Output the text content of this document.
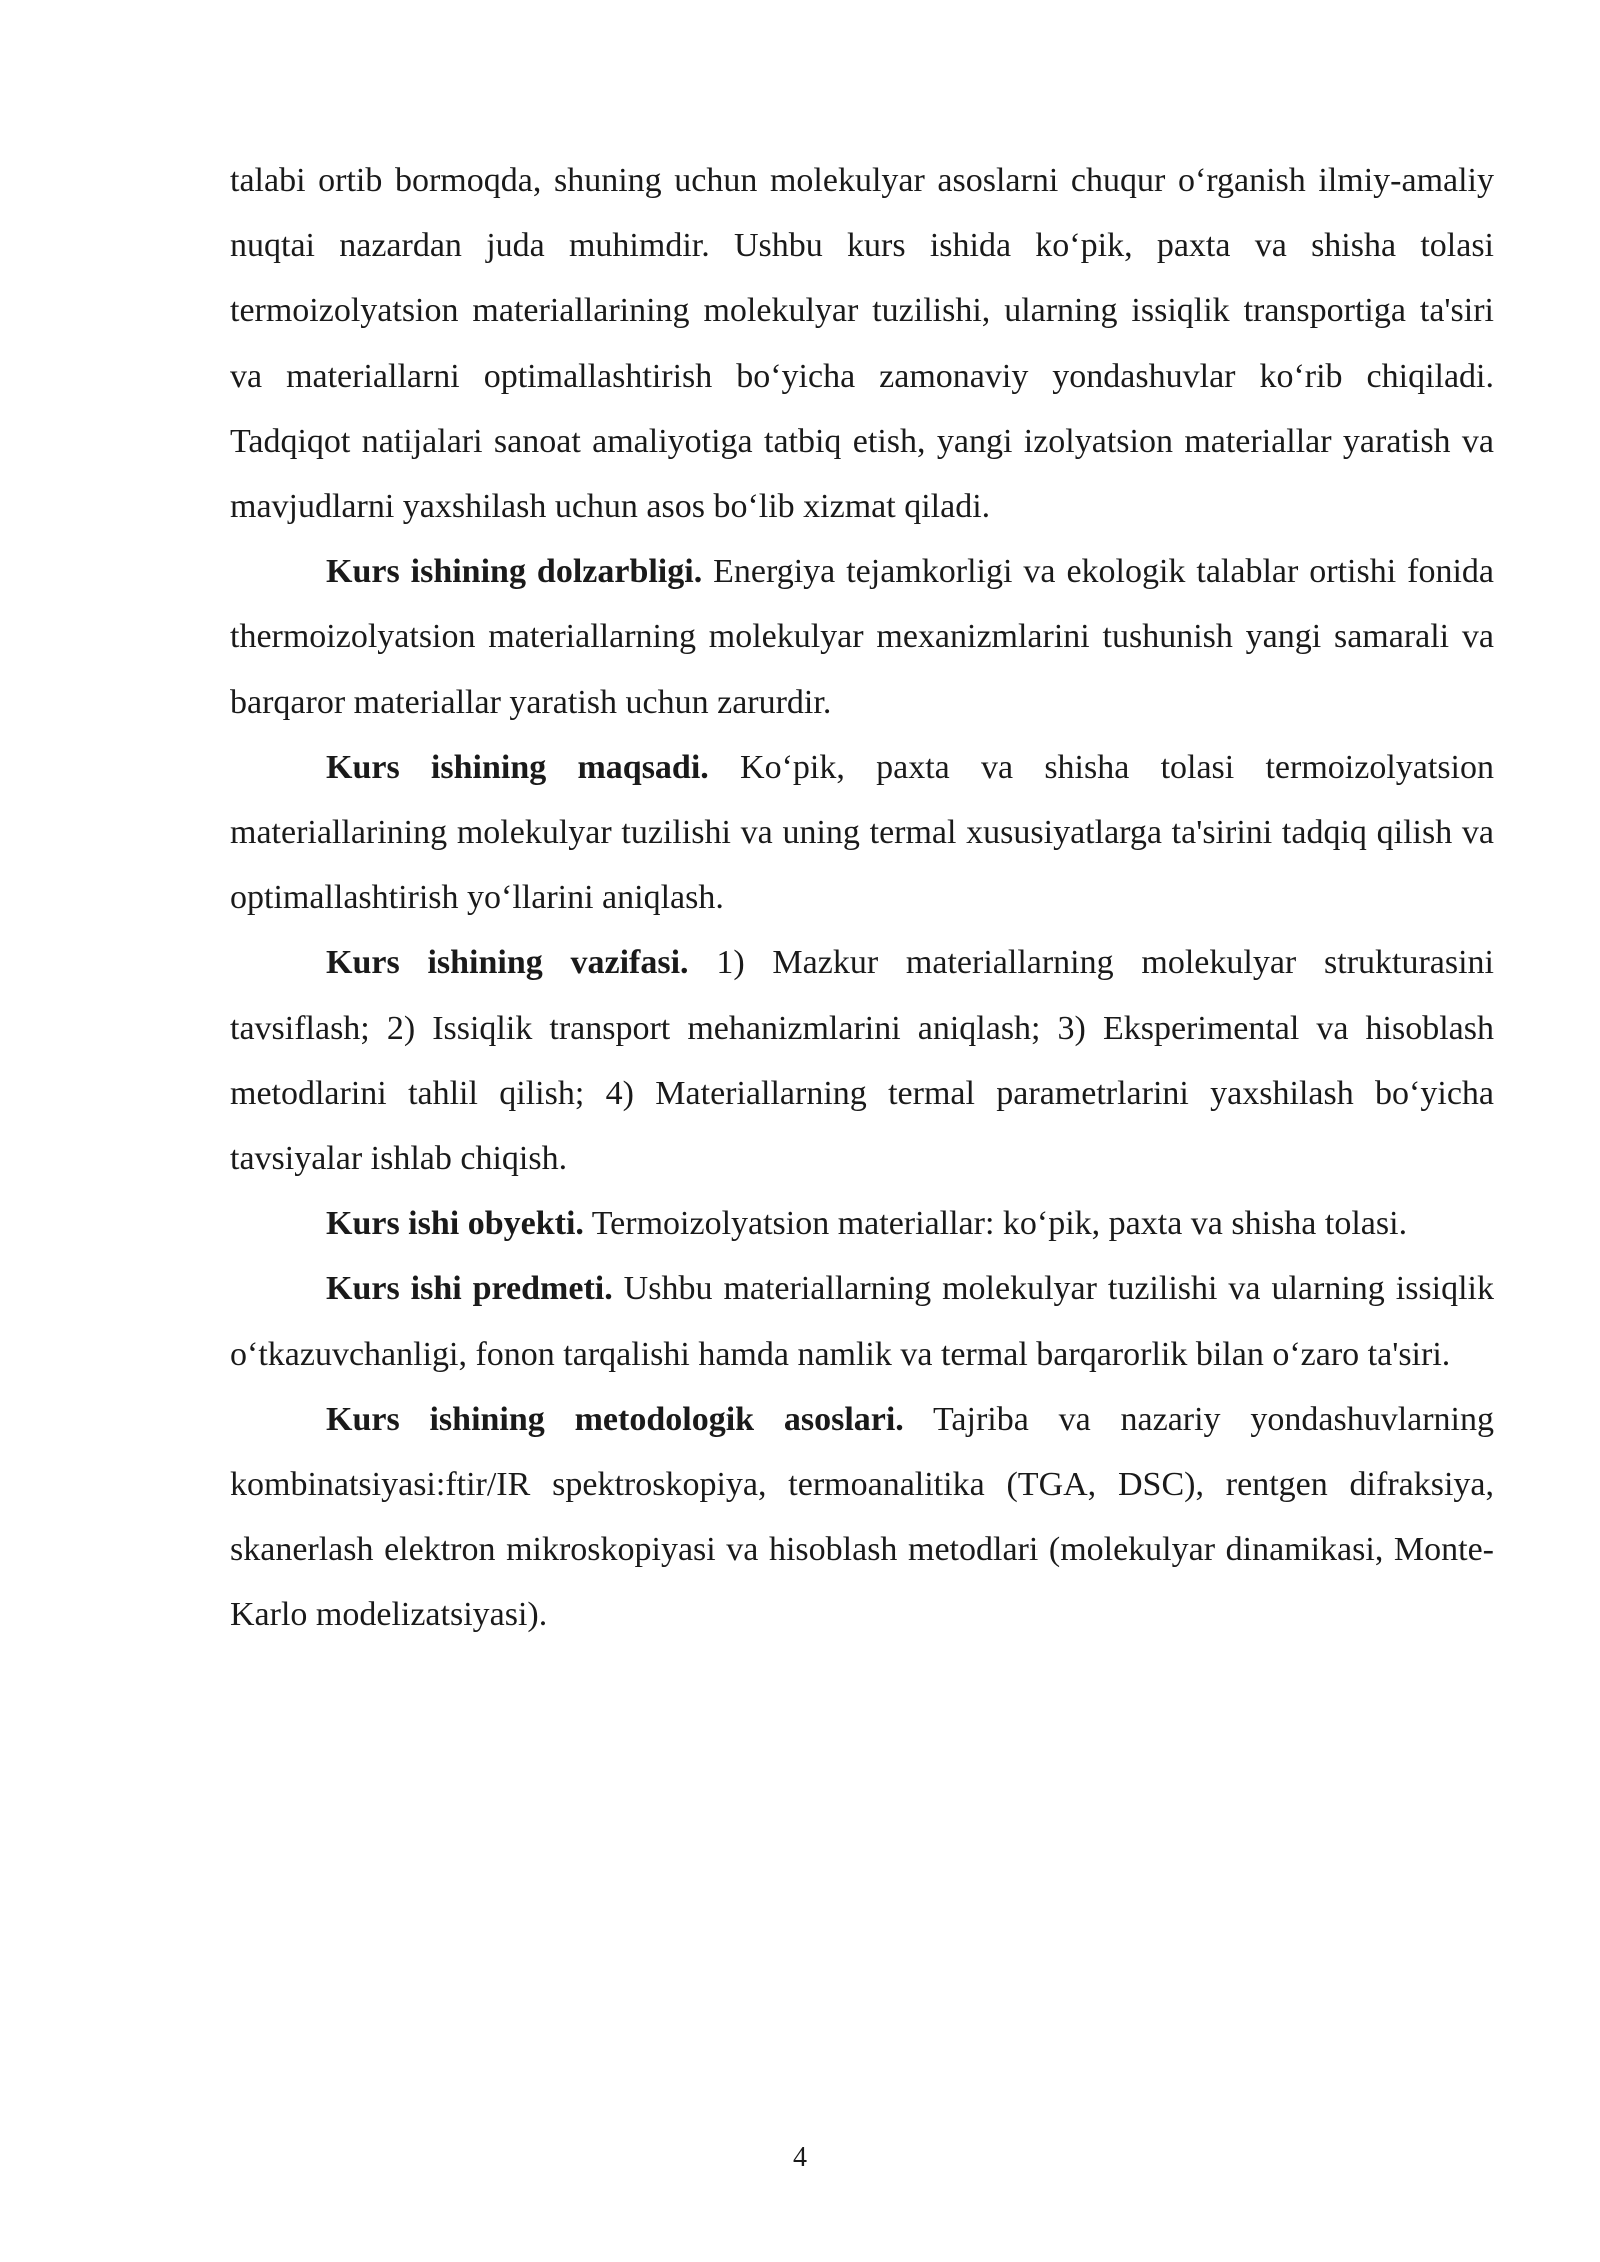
talabi ortib bormoqda, shuning uchun molekulyar asoslarni chuqur o‘rganish ilmiy-amaliy nuqtai nazardan juda muhimdir. Ushbu kurs ishida ko‘pik, paxta va shisha tolasi termoizolyatsion materiallarining molekulyar tuzilishi, ularning issiqlik transportiga ta'siri va materiallarni optimallashtirish bo‘yicha zamonaviy yondashuvlar ko‘rib chiqiladi. Tadqiqot natijalari sanoat amaliyotiga tatbiq etish, yangi izolyatsion materiallar yaratish va mavjudlarni yaxshilash uchun asos bo‘lib xizmat qiladi.

Kurs ishining dolzarbligi. Energiya tejamkorligi va ekologik talablar ortishi fonida thermoizolyatsion materiallarning molekulyar mexanizmlarini tushunish yangi samarali va barqaror materiallar yaratish uchun zarurdir.

Kurs ishining maqsadi. Ko‘pik, paxta va shisha tolasi termoizolyatsion materiallarining molekulyar tuzilishi va uning termal xususiyatlarga ta'sirini tadqiq qilish va optimallashtirish yo‘llarini aniqlash.

Kurs ishining vazifasi. 1) Mazkur materiallarning molekulyar strukturasini tavsiflash; 2) Issiqlik transport mehanizmlarini aniqlash; 3) Eksperimental va hisoblash metodlarini tahlil qilish; 4) Materiallarning termal parametrlarini yaxshilash bo‘yicha tavsiyalar ishlab chiqish.

Kurs ishi obyekti. Termoizolyatsion materiallar: ko‘pik, paxta va shisha tolasi.

Kurs ishi predmeti. Ushbu materiallarning molekulyar tuzilishi va ularning issiqlik o‘tkazuvchanligi, fonon tarqalishi hamda namlik va termal barqarorlik bilan o‘zaro ta'siri.

Kurs ishining metodologik asoslari. Tajriba va nazariy yondashuvlarning kombinatsiyasi:ftir/IR spektroskopiya, termoanalitika (TGA, DSC), rentgen difraksiya, skanerlash elektron mikroskopiyasi va hisoblash metodlari (molekulyar dinamikasi, Monte-Karlo modelizatsiyasi).

4
